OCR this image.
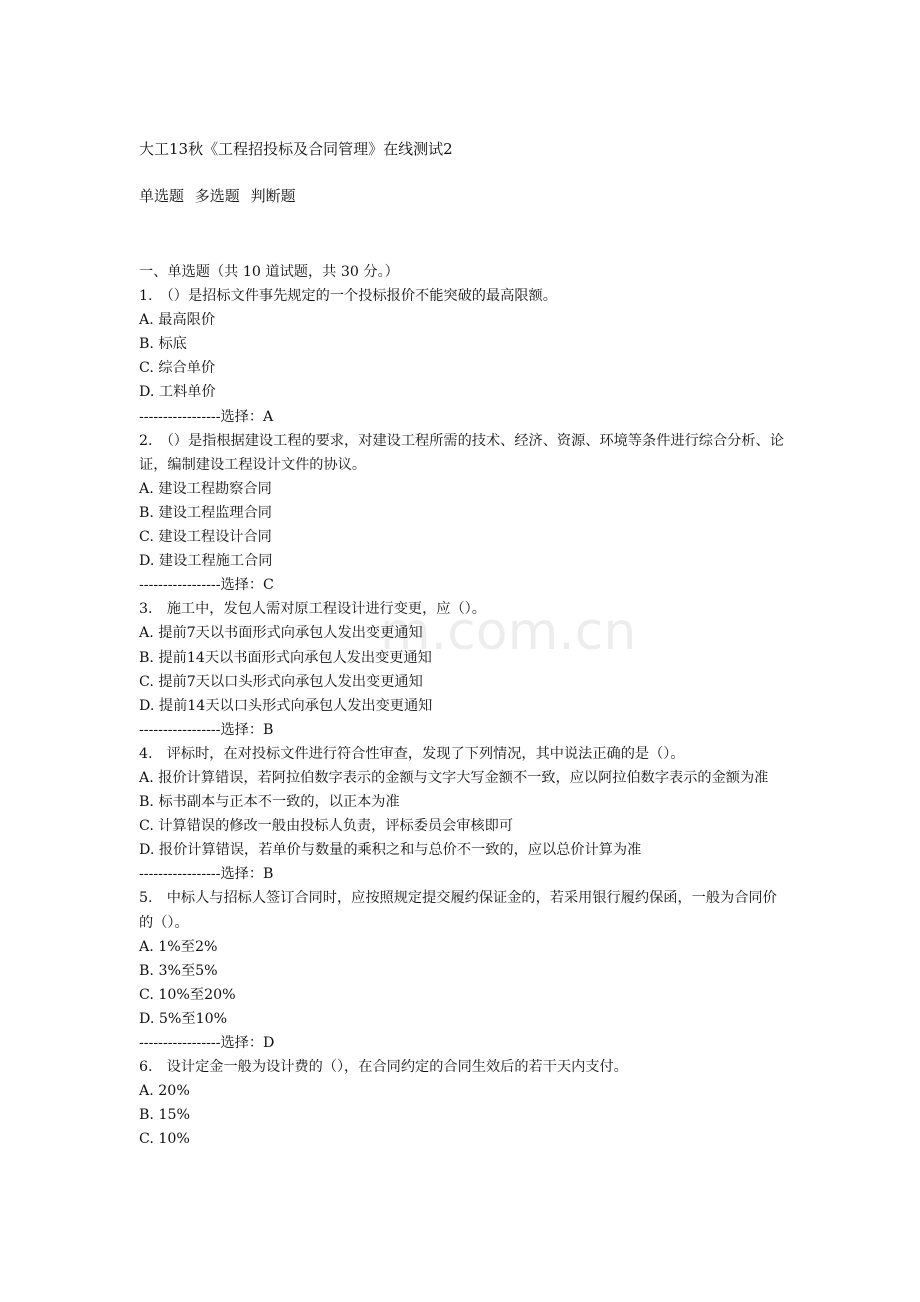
m.com.cn
大工13秋《工程招投标及合同管理》在线测试2
单选题 多选题 判断题

一、单选题（共 10 道试题，共 30 分。）

1.　（）是招标文件事先规定的一个投标报价不能突破的最高限额。

A. 最高限价

B. 标底

C. 综合单价

D. 工料单价

-----------------选择：A

2.　（）是指根据建设工程的要求，对建设工程所需的技术、经济、资源、环境等条件进行综合分析、论证，编制建设工程设计文件的协议。

A. 建设工程勘察合同

B. 建设工程监理合同

C. 建设工程设计合同

D. 建设工程施工合同

-----------------选择：C

3.　施工中，发包人需对原工程设计进行变更，应（）。

A. 提前7天以书面形式向承包人发出变更通知

B. 提前14天以书面形式向承包人发出变更通知

C. 提前7天以口头形式向承包人发出变更通知

D. 提前14天以口头形式向承包人发出变更通知

-----------------选择：B

4.　评标时，在对投标文件进行符合性审查，发现了下列情况，其中说法正确的是（）。

A. 报价计算错误，若阿拉伯数字表示的金额与文字大写金额不一致，应以阿拉伯数字表示的金额为准

B. 标书副本与正本不一致的，以正本为准

C. 计算错误的修改一般由投标人负责，评标委员会审核即可

D. 报价计算错误，若单价与数量的乘积之和与总价不一致的，应以总价计算为准

-----------------选择：B

5.　中标人与招标人签订合同时，应按照规定提交履约保证金的，若采用银行履约保函，一般为合同价的（）。

A. 1%至2%

B. 3%至5%

C. 10%至20%

D. 5%至10%

-----------------选择：D

6.　设计定金一般为设计费的（），在合同约定的合同生效后的若干天内支付。

A. 20%

B. 15%

C. 10%
